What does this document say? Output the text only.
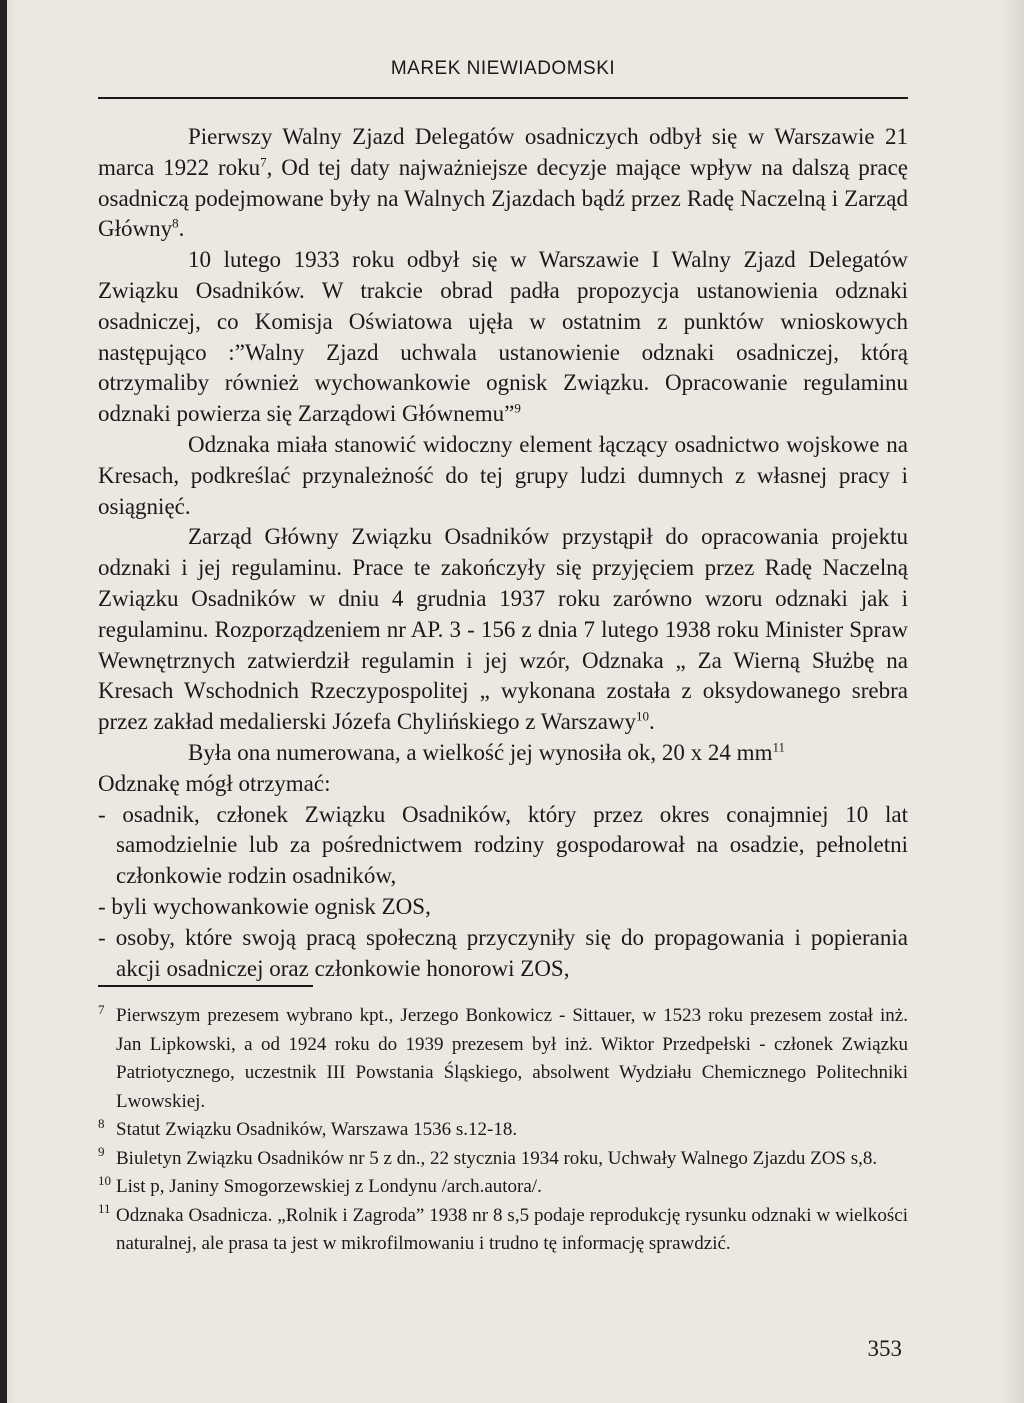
MAREK NIEWIADOMSKI

Pierwszy Walny Zjazd Delegatów osadniczych odbył się w Warszawie 21 marca 1922 roku$^7$, Od tej daty najważniejsze decyzje mające wpływ na dalszą pracę osadniczą podejmowane były na Walnych Zjazdach bądź przez Radę Naczelną i Zarząd Główny$^8$.

10 lutego 1933 roku odbył się w Warszawie I Walny Zjazd Delegatów Związku Osadników. W trakcie obrad padła propozycja ustanowienia odznaki osadniczej, co Komisja Oświatowa ujęła w ostatnim z punktów wnioskowych następująco :”Walny Zjazd uchwala ustanowienie odznaki osadniczej, którą otrzymaliby również wychowankowie ognisk Związku. Opracowanie regulaminu odznaki powierza się Zarządowi Głównemu”$^9$

Odznaka miała stanowić widoczny element łączący osadnictwo wojskowe na Kresach, podkreślać przynależność do tej grupy ludzi dumnych z własnej pracy i osiągnięć.

Zarząd Główny Związku Osadników przystąpił do opracowania projektu odznaki i jej regulaminu. Prace te zakończyły się przyjęciem przez Radę Naczelną Związku Osadników w dniu 4 grudnia 1937 roku zarówno wzoru odznaki jak i regulaminu. Rozporządzeniem nr AP. 3 - 156 z dnia 7 lutego 1938 roku Minister Spraw Wewnętrznych zatwierdził regulamin i jej wzór, Odznaka „ Za Wierną Służbę na Kresach Wschodnich Rzeczypospolitej „ wykonana została z oksydowanego srebra przez zakład medalierski Józefa Chylińskiego z Warszawy$^{10}$.

Była ona numerowana, a wielkość jej wynosiła ok, 20 x 24 $mm^{11}$

Odznakę mógł otrzymać:

- osadnik, członek Związku Osadników, który przez okres conajmniej 10 lat samodzielnie lub za pośrednictwem rodziny gospodarował na osadzie, pełnoletni członkowie rodzin osadników,

- byli wychowankowie ognisk ZOS,

- osoby, które swoją pracą społeczną przyczyniły się do propagowania i popierania akcji osadniczej oraz członkowie honorowi ZOS,

7 Pierwszym prezesem wybrano kpt., Jerzego Bonkowicz - Sittauer, w 1523 roku prezesem został inż. Jan Lipkowski, a od 1924 roku do 1939 prezesem był inż. Wiktor Przedpełski - członek Związku Patriotycznego, uczestnik III Powstania Śląskiego, absolwent Wydziału Chemicznego Politechniki Lwowskiej.

8 Statut Związku Osadników, Warszawa 1536 s.12-18.

9 Biuletyn Związku Osadników nr 5 z dn., 22 stycznia 1934 roku, Uchwały Walnego Zjazdu ZOS s,8.

10 List p, Janiny Smogorzewskiej z Londynu /arch.autora/.

11 Odznaka Osadnicza. „Rolnik i Zagroda” 1938 nr 8 s,5 podaje reprodukcję rysunku odznaki w wielkości naturalnej, ale prasa ta jest w mikrofilmowaniu i trudno tę informację sprawdzić.

353
